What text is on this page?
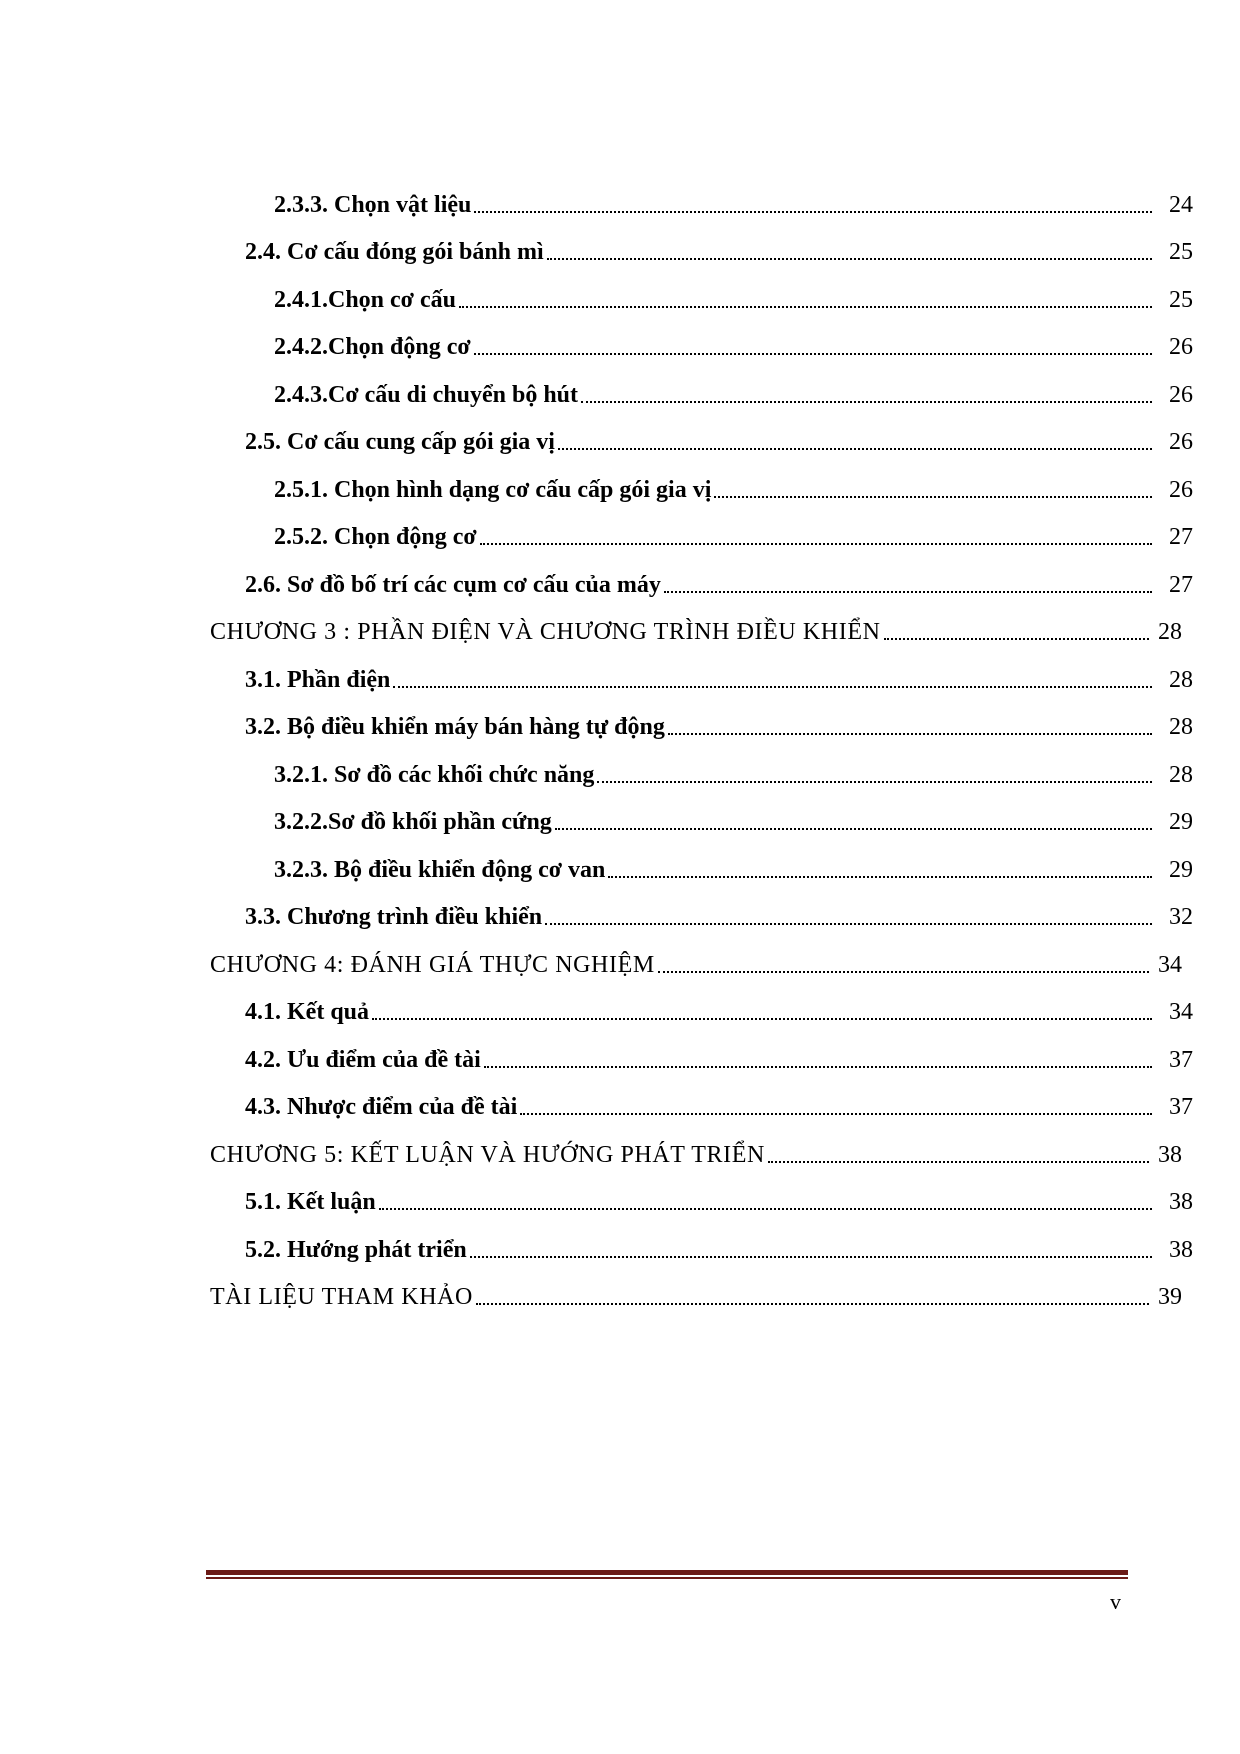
2.3.3. Chọn vật liệu	24
2.4. Cơ cấu đóng gói bánh mì	25
2.4.1.Chọn cơ cấu	25
2.4.2.Chọn động cơ	26
2.4.3.Cơ cấu di chuyển bộ hút	26
2.5. Cơ cấu cung cấp gói gia vị	26
2.5.1. Chọn hình dạng cơ cấu cấp gói gia vị	26
2.5.2. Chọn động cơ	27
2.6. Sơ đồ bố trí các cụm cơ cấu của máy	27
CHƯƠNG 3 : PHẦN ĐIỆN VÀ CHƯƠNG TRÌNH ĐIỀU KHIỂN	28
3.1. Phần điện	28
3.2. Bộ điều khiển máy bán hàng tự động	28
3.2.1. Sơ đồ các khối chức năng	28
3.2.2.Sơ đồ khối phần cứng	29
3.2.3. Bộ điều khiển động cơ van	29
3.3. Chương trình điều khiển	32
CHƯƠNG 4: ĐÁNH GIÁ THỰC NGHIỆM	34
4.1. Kết quả	34
4.2. Ưu điểm của đề tài	37
4.3. Nhược điểm của đề tài	37
CHƯƠNG 5: KẾT LUẬN VÀ HƯỚNG PHÁT TRIỂN	38
5.1. Kết luận	38
5.2. Hướng phát triển	38
TÀI LIỆU THAM KHẢO	39
v
